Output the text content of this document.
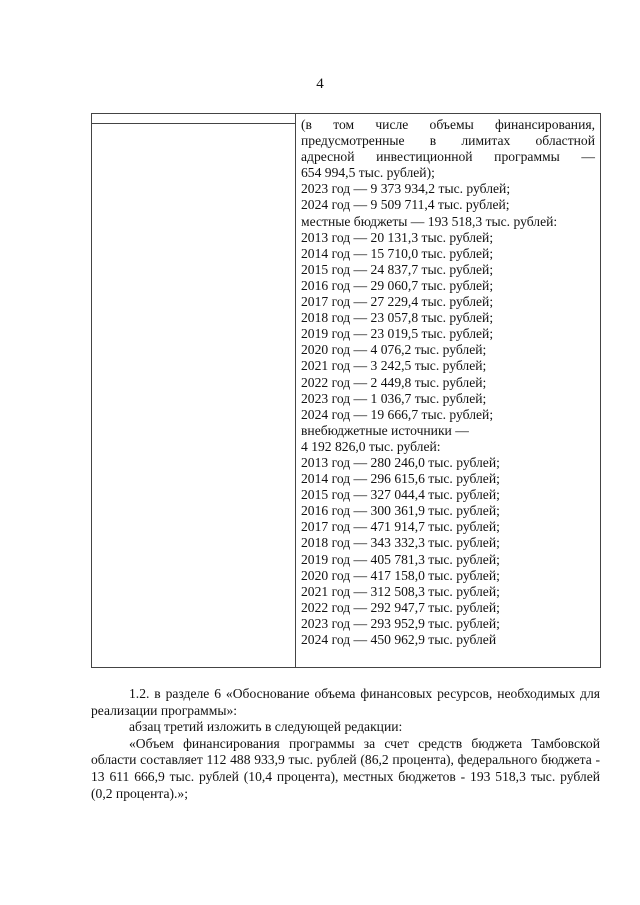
4
(в том числе объемы финансирования,
предусмотренные в лимитах областной
адресной инвестиционной программы —
654 994,5 тыс. рублей);
2023 год — 9 373 934,2 тыс. рублей;
2024 год — 9 509 711,4 тыс. рублей;
местные бюджеты — 193 518,3 тыс. рублей:
2013 год — 20 131,3 тыс. рублей;
2014 год — 15 710,0 тыс. рублей;
2015 год — 24 837,7 тыс. рублей;
2016 год — 29 060,7 тыс. рублей;
2017 год — 27 229,4 тыс. рублей;
2018 год — 23 057,8 тыс. рублей;
2019 год — 23 019,5 тыс. рублей;
2020 год — 4 076,2 тыс. рублей;
2021 год — 3 242,5 тыс. рублей;
2022 год — 2 449,8 тыс. рублей;
2023 год — 1 036,7 тыс. рублей;
2024 год — 19 666,7 тыс. рублей;
внебюджетные источники —
4 192 826,0 тыс. рублей:
2013 год — 280 246,0 тыс. рублей;
2014 год — 296 615,6 тыс. рублей;
2015 год — 327 044,4 тыс. рублей;
2016 год — 300 361,9 тыс. рублей;
2017 год — 471 914,7 тыс. рублей;
2018 год — 343 332,3 тыс. рублей;
2019 год — 405 781,3 тыс. рублей;
2020 год — 417 158,0 тыс. рублей;
2021 год — 312 508,3 тыс. рублей;
2022 год — 292 947,7 тыс. рублей;
2023 год — 293 952,9 тыс. рублей;
2024 год — 450 962,9 тыс. рублей

1.2. в разделе 6 «Обоснование объема финансовых ресурсов, необходимых для реализации программы»:

абзац третий изложить в следующей редакции:

«Объем финансирования программы за счет средств бюджета Тамбовской области составляет 112 488 933,9 тыс. рублей (86,2 процента), федерального бюджета - 13 611 666,9 тыс. рублей (10,4 процента), местных бюджетов - 193 518,3 тыс. рублей (0,2 процента).»;
